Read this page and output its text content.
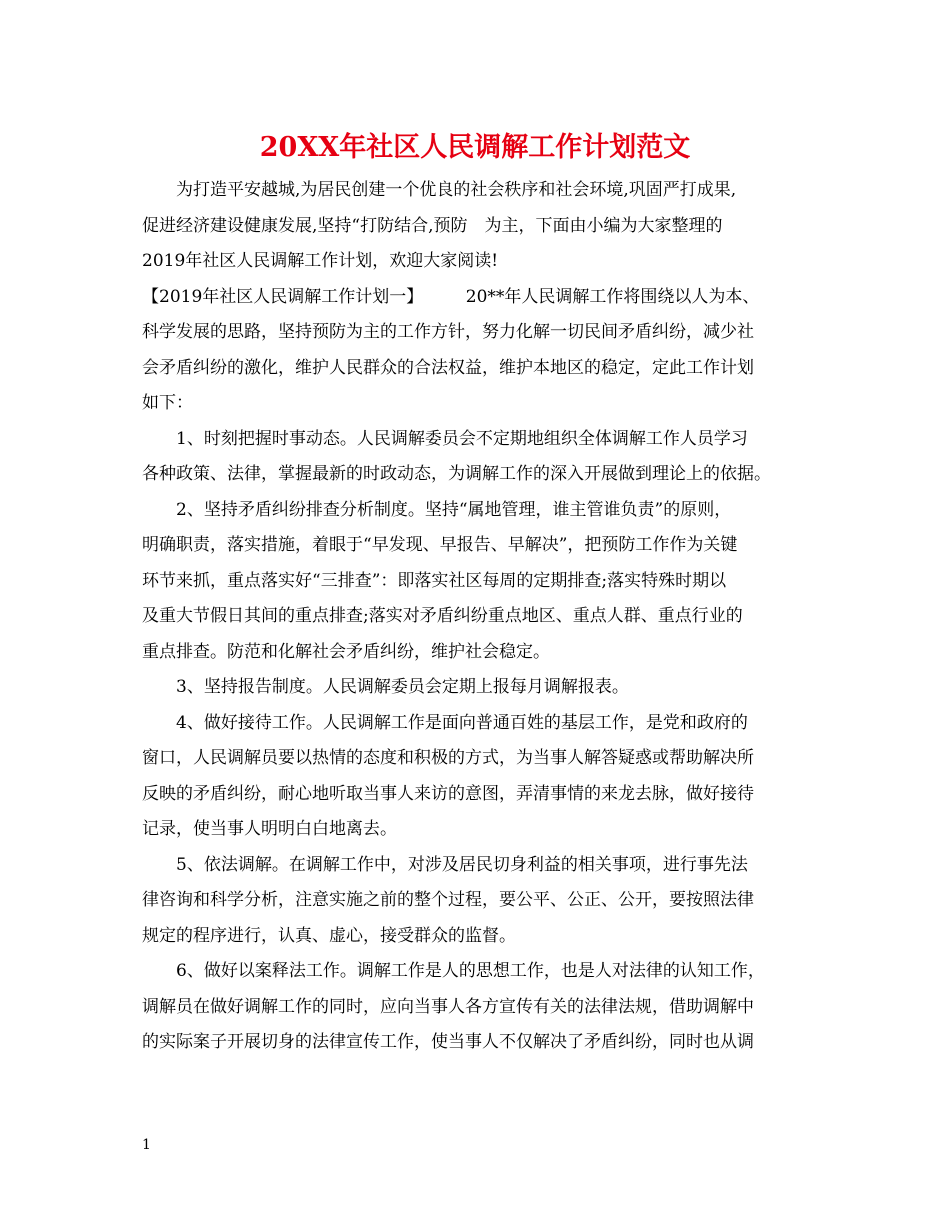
20XX年社区人民调解工作计划范文
　　为打造平安越城,为居民创建一个优良的社会秩序和社会环境,巩固严打成果,
促进经济建设健康发展,坚持“打防结合,预防　为主，下面由小编为大家整理的
2019年社区人民调解工作计划，欢迎大家阅读!
【2019年社区人民调解工作计划一】　　　20**年人民调解工作将围绕以人为本、
科学发展的思路，坚持预防为主的工作方针，努力化解一切民间矛盾纠纷，减少社
会矛盾纠纷的激化，维护人民群众的合法权益，维护本地区的稳定，定此工作计划
如下：
　　1、时刻把握时事动态。人民调解委员会不定期地组织全体调解工作人员学习
各种政策、法律，掌握最新的时政动态，为调解工作的深入开展做到理论上的依据。
　　2、坚持矛盾纠纷排查分析制度。坚持“属地管理，谁主管谁负责”的原则，
明确职责，落实措施，着眼于“早发现、早报告、早解决”，把预防工作作为关键
环节来抓，重点落实好“三排查”：即落实社区每周的定期排查;落实特殊时期以
及重大节假日其间的重点排查;落实对矛盾纠纷重点地区、重点人群、重点行业的
重点排查。防范和化解社会矛盾纠纷，维护社会稳定。
　　3、坚持报告制度。人民调解委员会定期上报每月调解报表。
　　4、做好接待工作。人民调解工作是面向普通百姓的基层工作，是党和政府的
窗口，人民调解员要以热情的态度和积极的方式，为当事人解答疑惑或帮助解决所
反映的矛盾纠纷，耐心地听取当事人来访的意图，弄清事情的来龙去脉，做好接待
记录，使当事人明明白白地离去。
　　5、依法调解。在调解工作中，对涉及居民切身利益的相关事项，进行事先法
律咨询和科学分析，注意实施之前的整个过程，要公平、公正、公开，要按照法律
规定的程序进行，认真、虚心，接受群众的监督。
　　6、做好以案释法工作。调解工作是人的思想工作，也是人对法律的认知工作，
调解员在做好调解工作的同时，应向当事人各方宣传有关的法律法规，借助调解中
的实际案子开展切身的法律宣传工作，使当事人不仅解决了矛盾纠纷，同时也从调
1
